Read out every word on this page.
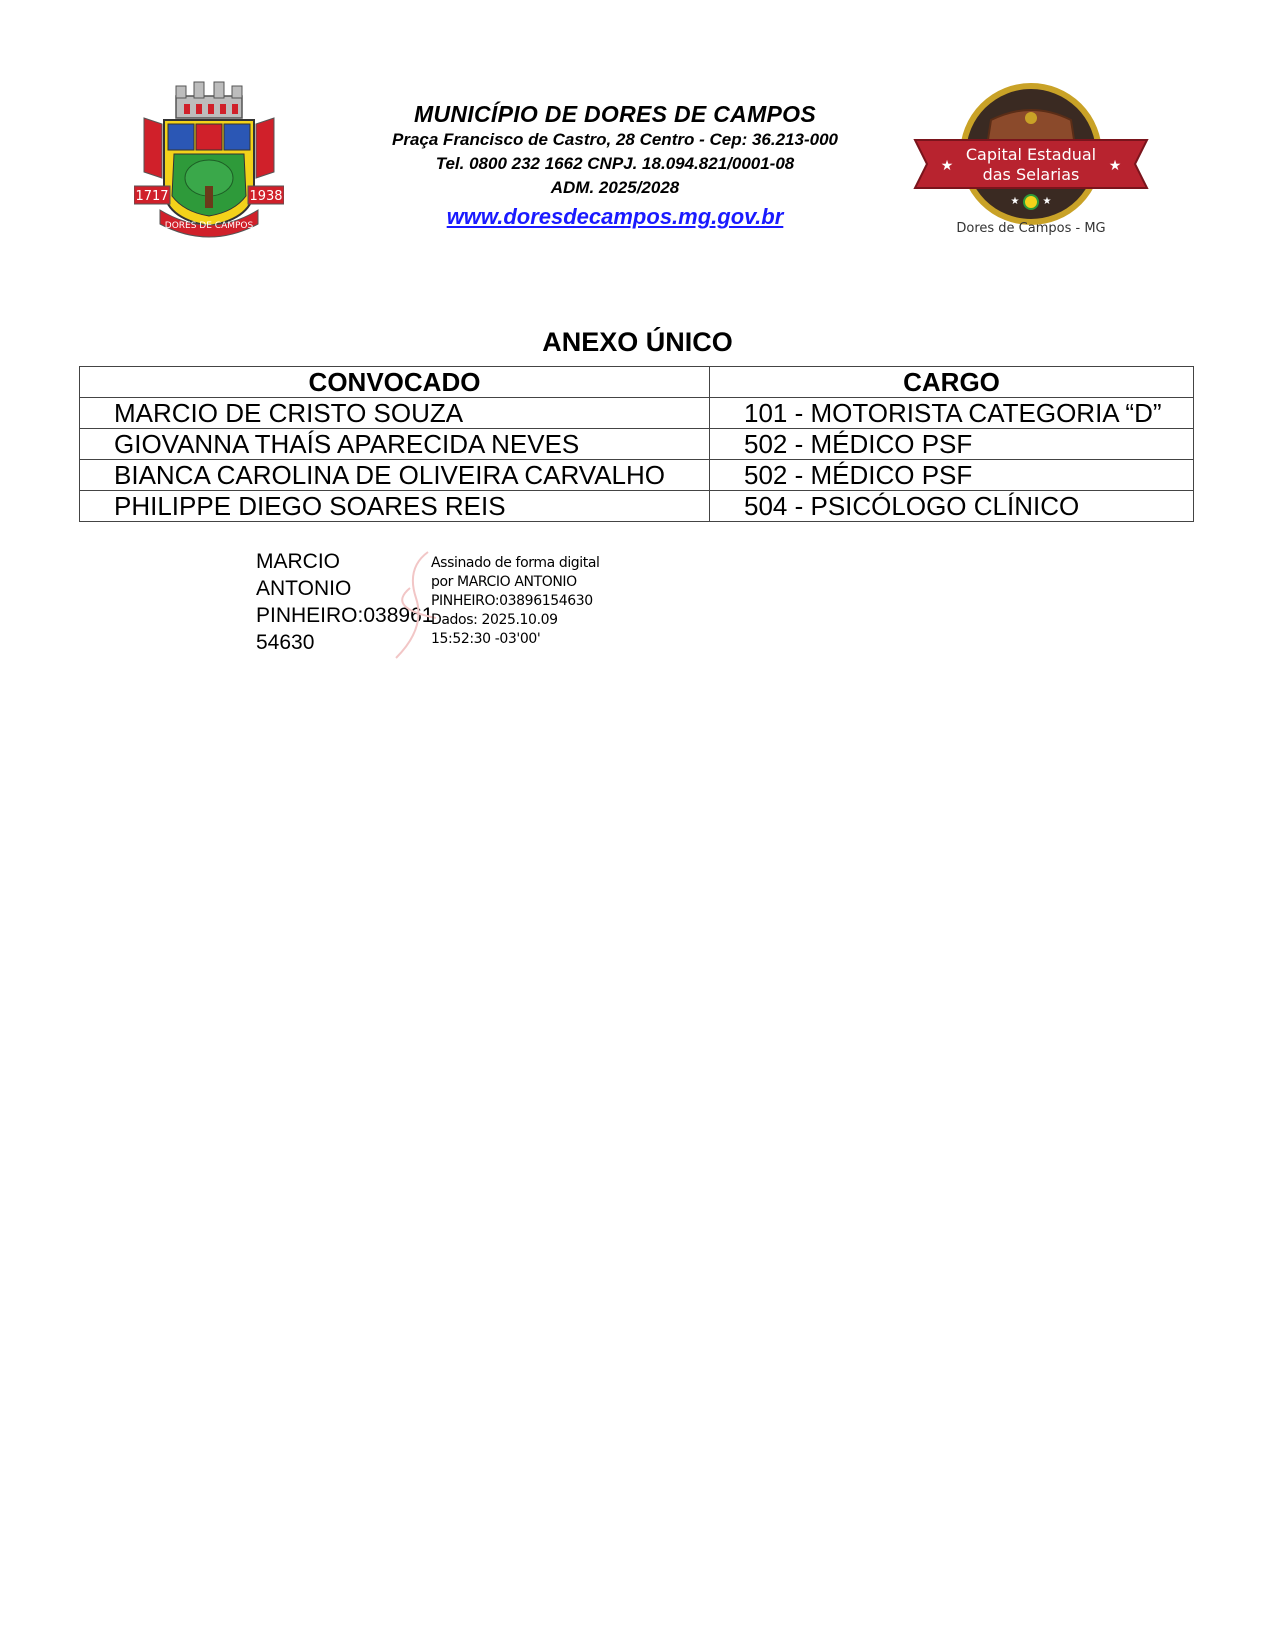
1717	1938
DORES DE CAMPOS
MUNICÍPIO DE DORES DE CAMPOS
Praça Francisco de Castro, 28 Centro - Cep: 36.213-000
Tel. 0800 232 1662 CNPJ. 18.094.821/0001-08
ADM. 2025/2028
www.doresdecampos.mg.gov.br
Capital Estadual
das Selarias
★	★
★ ★
Dores de Campos - MG
ANEXO ÚNICO
CONVOCADO	CARGO
MARCIO DE CRISTO SOUZA	101 - MOTORISTA CATEGORIA “D”
GIOVANNA THAÍS APARECIDA NEVES	502 - MÉDICO PSF
BIANCA CAROLINA DE OLIVEIRA CARVALHO	502 - MÉDICO PSF
PHILIPPE DIEGO SOARES REIS	504 - PSICÓLOGO CLÍNICO
MARCIO
ANTONIO
PINHEIRO:038961
54630
Assinado de forma digital
por MARCIO ANTONIO
PINHEIRO:03896154630
Dados: 2025.10.09
15:52:30 -03'00'
